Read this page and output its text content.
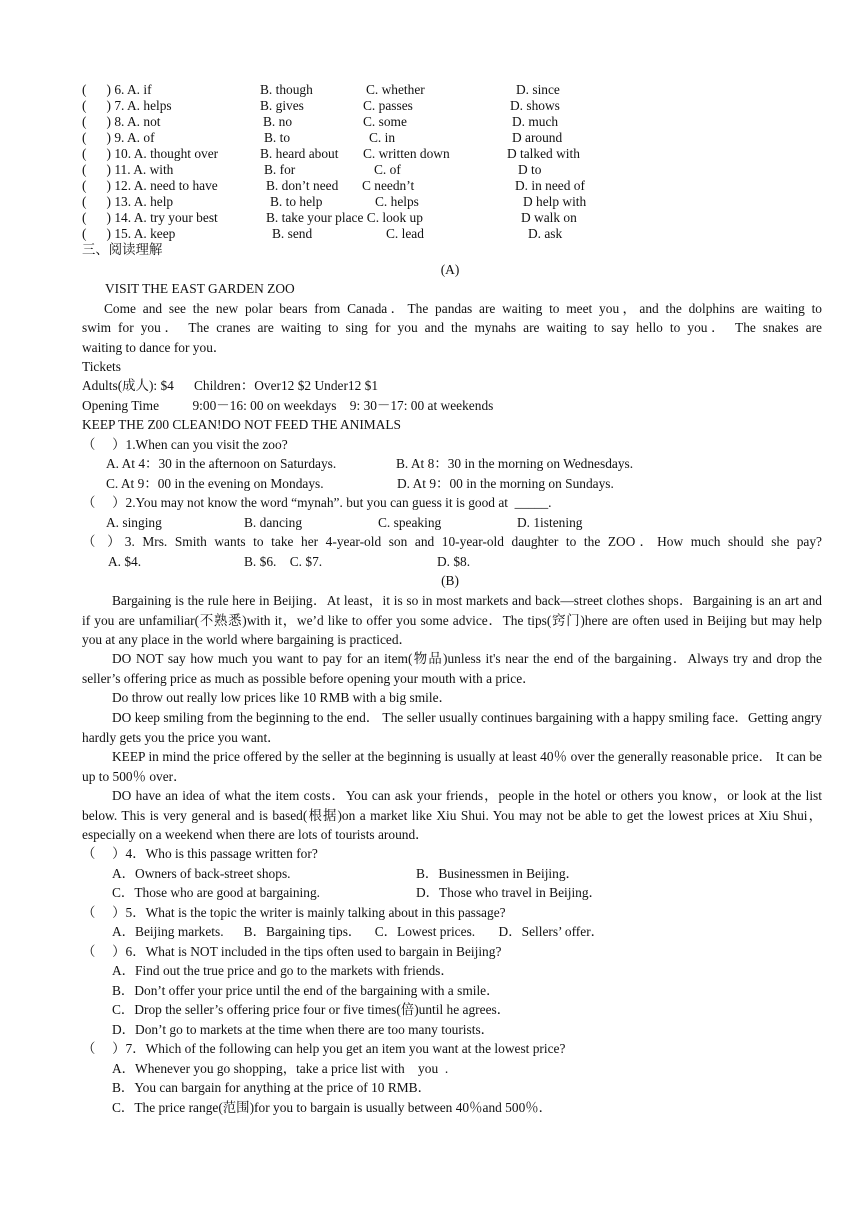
(      ) 6. A. if	B. though	C. whether	D. since
(      ) 7. A. helps	B. gives	C. passes	D. shows
(      ) 8. A. not	B. no	C. some	D. much
(      ) 9. A. of	B. to	C. in	D around
(      ) 10. A. thought over	B. heard about C. written down	D talked with
(      ) 11. A. with	B. for	C. of	D to
(      ) 12. A. need to have	B. don’t need C needn’t	D. in need of
(      ) 13. A. help	B. to help	C. helps	D help with
(      ) 14. A. try your best	B. take your place C. look up	D walk on
(      ) 15. A. keep	B. send	C. lead	D. ask
三、阅读理解
(A)
VISIT THE EAST GARDEN ZOO
Come and see the new polar bears from Canada．The pandas are waiting to meet you，and the dolphins are waiting to
swim for you． The cranes are waiting to sing for you and the mynahs are waiting to say hello to you． The snakes are
waiting to dance for you．
Tickets
Adults(成人): $4      Children：Over12 $2 Under12 $1
Opening Time          9:00－16: 00 on weekdays    9: 30－17: 00 at weekends
KEEP THE Z00 CLEAN!DO NOT FEED THE ANIMALS
（     ）1.When can you visit the zoo?
A. At 4：30 in the afternoon on Saturdays.	B. At 8：30 in the morning on Wednesdays.
C. At 9：00 in the evening on Mondays.	D. At 9：00 in the morning on Sundays.
（     ）2.You may not know the word “mynah”. but you can guess it is good at  _____.
A. singing	B. dancing	C. speaking	D. 1istening
（ ）3. Mrs. Smith wants to take her 4-year-old son and 10-year-old daughter to the ZOO．How much should she pay?
A. $4.	B. $6.    C. $7.	D. $8.
(B)
Bargaining is the rule here in Beijing．At least，it is so in most markets and back—street clothes shops．Bargaining is an art and if you are unfamiliar(不熟悉)with it，we’d like to offer you some advice．The tips(窍门)here are often used in Beijing but may help you at any place in the world where bargaining is practiced．
DO NOT say how much you want to pay for an item(物品)unless it's near the end of the bargaining．Always try and drop the seller’s offering price as much as possible before opening your mouth with a price．
Do throw out really low prices like 10 RMB with a big smile．
DO keep smiling from the beginning to the end． The seller usually continues bargaining with a happy smiling face．Getting angry hardly gets you the price you want．
KEEP in mind the price offered by the seller at the beginning is usually at least 40％ over the generally reasonable price． It can be up to 500％ over．
DO have an idea of what the item costs．You can ask your friends，people in the hotel or others you know，or look at the list below. This is very general and is based(根据)on a market like Xiu Shui. You may not be able to get the lowest prices at Xiu Shui，especially on a weekend when there are lots of tourists around．
（     ）4．Who is this passage written for?
A．Owners of back-street shops.	B．Businessmen in Beijing．
C．Those who are good at bargaining.	D．Those who travel in Beijing．
（     ）5．What is the topic the writer is mainly talking about in this passage?
A．Beijing markets.      B．Bargaining tips．    C．Lowest prices.       D．Sellers’ offer．
（     ）6．What is NOT included in the tips often used to bargain in Beijing?
A．Find out the true price and go to the markets with friends．
B．Don’t offer your price until the end of the bargaining with a smile．
C．Drop the seller’s offering price four or five times(倍)until he agrees．
D．Don’t go to markets at the time when there are too many tourists．
（     ）7．Which of the following can help you get an item you want at the lowest price?
A．Whenever you go shopping，take a price list with    you  .
B．You can bargain for anything at the price of 10 RMB．
C．The price range(范围)for you to bargain is usually between 40％and 500％．
